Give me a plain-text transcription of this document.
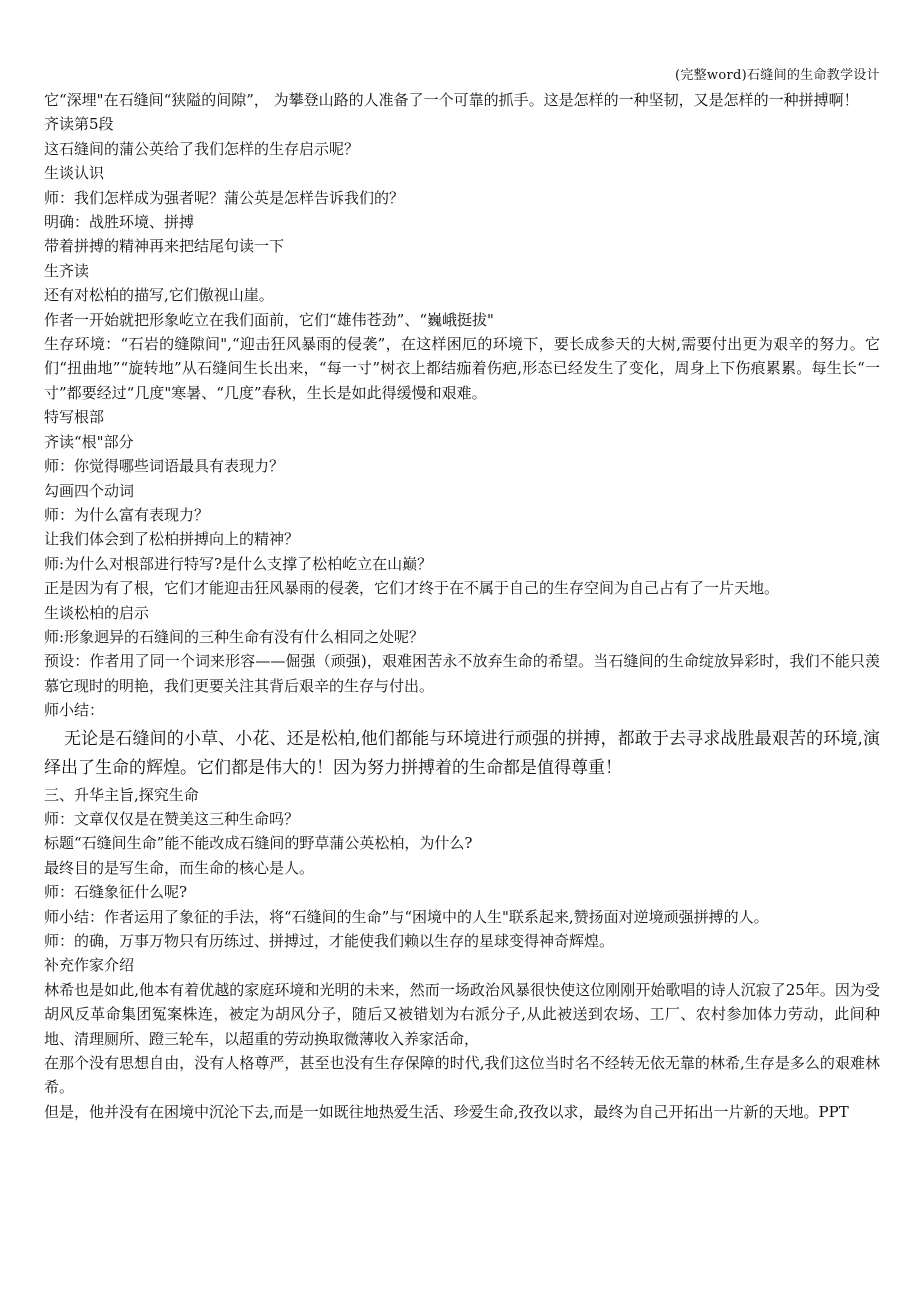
(完整word)石缝间的生命教学设计

它“深埋"在石缝间“狭隘的间隙”， 为攀登山路的人准备了一个可靠的抓手。这是怎样的一种坚韧，又是怎样的一种拼搏啊！

齐读第5段

这石缝间的蒲公英给了我们怎样的生存启示呢？

生谈认识

师：我们怎样成为强者呢？蒲公英是怎样告诉我们的？

明确：战胜环境、拼搏

带着拼搏的精神再来把结尾句读一下

生齐读

还有对松柏的描写,它们傲视山崖。

作者一开始就把形象屹立在我们面前，它们“雄伟苍劲”、“巍峨挺拔"

生存环境：“石岩的缝隙间",“迎击狂风暴雨的侵袭”，在这样困厄的环境下，要长成参天的大树,需要付出更为艰辛的努力。它们“扭曲地”“旋转地”从石缝间生长出来，“每一寸”树衣上都结痂着伤疤,形态已经发生了变化，周身上下伤痕累累。每生长“一寸”都要经过“几度"寒暑、“几度”春秋，生长是如此得缓慢和艰难。

特写根部

齐读“根"部分

师：你觉得哪些词语最具有表现力？

勾画四个动词

师：为什么富有表现力？

让我们体会到了松柏拼搏向上的精神？

师:为什么对根部进行特写?是什么支撑了松柏屹立在山巅？

正是因为有了根，它们才能迎击狂风暴雨的侵袭，它们才终于在不属于自己的生存空间为自己占有了一片天地。

生谈松柏的启示

师:形象迥异的石缝间的三种生命有没有什么相同之处呢？

预设：作者用了同一个词来形容——倔强（顽强)，艰难困苦永不放弃生命的希望。当石缝间的生命绽放异彩时，我们不能只羡慕它现时的明艳，我们更要关注其背后艰辛的生存与付出。

师小结：

无论是石缝间的小草、小花、还是松柏,他们都能与环境进行顽强的拼搏，都敢于去寻求战胜最艰苦的环境,演绎出了生命的辉煌。它们都是伟大的！因为努力拼搏着的生命都是值得尊重！

三、升华主旨,探究生命

师：文章仅仅是在赞美这三种生命吗？

标题“石缝间生命”能不能改成石缝间的野草蒲公英松柏，为什么?

最终目的是写生命，而生命的核心是人。

师：石缝象征什么呢?

师小结：作者运用了象征的手法，将“石缝间的生命”与“困境中的人生"联系起来,赞扬面对逆境顽强拼搏的人。

师：的确，万事万物只有历练过、拼搏过，才能使我们赖以生存的星球变得神奇辉煌。

补充作家介绍

林希也是如此,他本有着优越的家庭环境和光明的未来，然而一场政治风暴很快使这位刚刚开始歌唱的诗人沉寂了25年。因为受胡风反革命集团冤案株连，被定为胡风分子，随后又被错划为右派分子,从此被送到农场、工厂、农村参加体力劳动，此间种地、清理厕所、蹬三轮车，以超重的劳动换取微薄收入养家活命，

在那个没有思想自由，没有人格尊严，甚至也没有生存保障的时代,我们这位当时名不经转无依无靠的林希,生存是多么的艰难林希。

但是，他并没有在困境中沉沦下去,而是一如既往地热爱生活、珍爱生命,孜孜以求，最终为自己开拓出一片新的天地。PPT
